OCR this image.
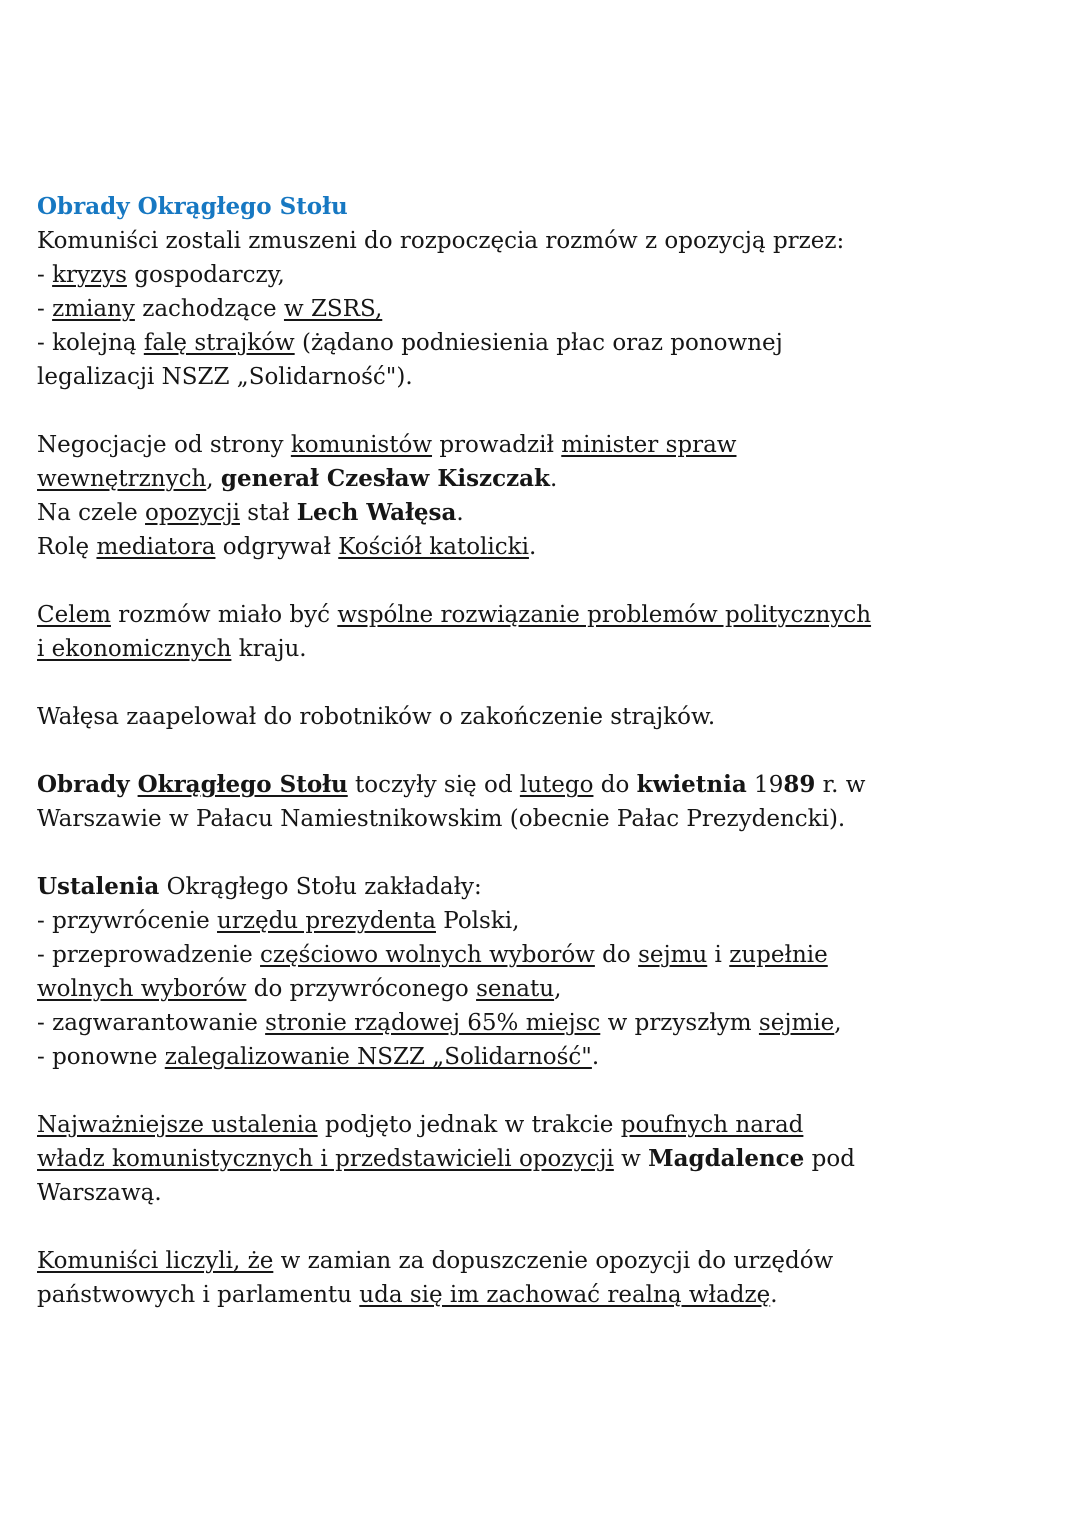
Obrady Okrągłego Stołu

Komuniści zostali zmuszeni do rozpoczęcia rozmów z opozycją przez:
- kryzys gospodarczy,
- zmiany zachodzące w ZSRS,
- kolejną falę strajków (żądano podniesienia płac oraz ponownej
legalizacji NSZZ „Solidarność").

Negocjacje od strony komunistów prowadził minister spraw
wewnętrznych, generał Czesław Kiszczak.
Na czele opozycji stał Lech Wałęsa.
Rolę mediatora odgrywał Kościół katolicki.

Celem rozmów miało być wspólne rozwiązanie problemów politycznych
i ekonomicznych kraju.

Wałęsa zaapelował do robotników o zakończenie strajków.

Obrady Okrągłego Stołu toczyły się od lutego do kwietnia 1989 r. w
Warszawie w Pałacu Namiestnikowskim (obecnie Pałac Prezydencki).

Ustalenia Okrągłego Stołu zakładały:
- przywrócenie urzędu prezydenta Polski,
- przeprowadzenie częściowo wolnych wyborów do sejmu i zupełnie
wolnych wyborów do przywróconego senatu,
- zagwarantowanie stronie rządowej 65% miejsc w przyszłym sejmie,
- ponowne zalegalizowanie NSZZ „Solidarność".

Najważniejsze ustalenia podjęto jednak w trakcie poufnych narad
władz komunistycznych i przedstawicieli opozycji w Magdalence pod
Warszawą.

Komuniści liczyli, że w zamian za dopuszczenie opozycji do urzędów
państwowych i parlamentu uda się im zachować realną władzę.
